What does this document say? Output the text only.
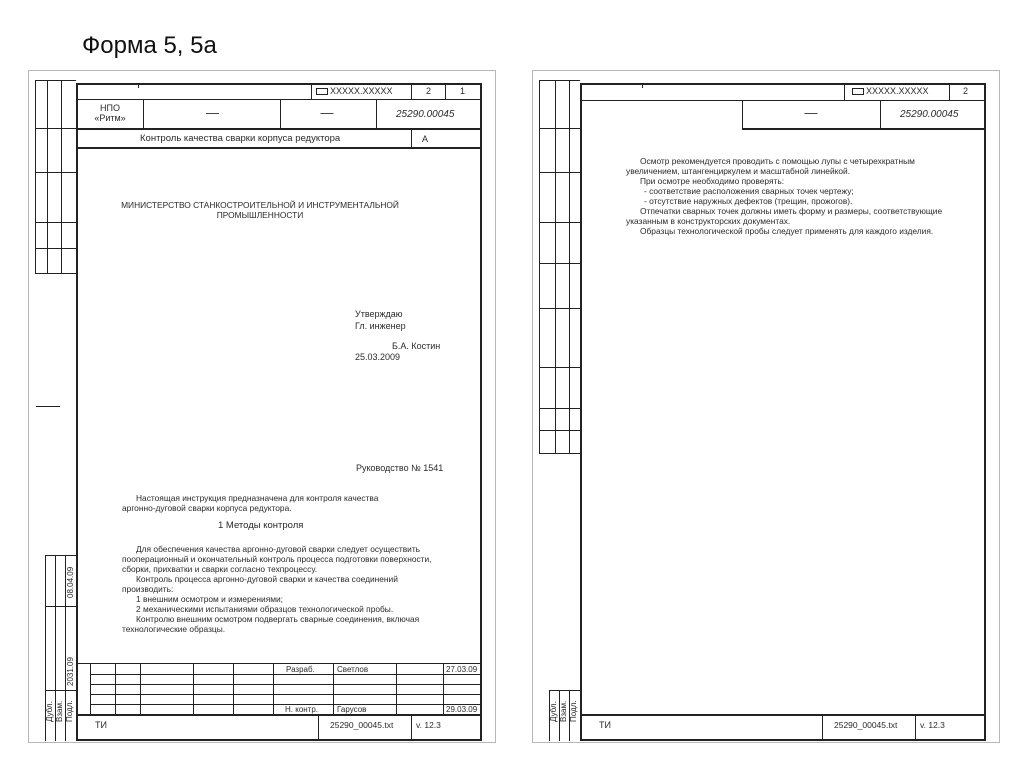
Форма 5, 5а
08.04.09
2031.09
Дубл. Взам. Подл.
XXXXX.XXXXX	2	1
НПО
«Ритм»	—	—	25290.00045
Контроль качества сварки корпуса редуктора	А
МИНИСТЕРСТВО СТАНКОСТРОИТЕЛЬНОЙ И ИНСТРУМЕНТАЛЬНОЙ
ПРОМЫШЛЕННОСТИ
Утверждаю
Гл. инженер
Б.А. Костин
25.03.2009
Руководство № 1541
Настоящая инструкция предназначена для контроля качества
аргонно-дуговой сварки корпуса редуктора.
1 Методы контроля
Для обеспечения качества аргонно-дуговой сварки следует осуществить
пооперационный и окончательный контроль процесса подготовки поверхности,
сборки, прихватки и сварки согласно техпроцессу.
Контроль процесса аргонно-дуговой сварки и качества соединений
производить:
1 внешним осмотром и измерениями;
2 механическими испытаниями образцов технологической пробы.
Контролю внешним осмотром подвергать сварные соединения, включая
технологические образцы.
Разраб.	Светлов	27.03.09
Н. контр. Гарусов	29.03.09
ТИ	25290_00045.txt	v. 12.3
Дубл. Взам. Подл.
XXXXX.XXXXX	2
—	25290.00045
Осмотр рекомендуется проводить с помощью лупы с четырехкратным
увеличением, штангенциркулем и масштабной линейкой.
При осмотре необходимо проверять:
- соответствие расположения сварных точек чертежу;
- отсутствие наружных дефектов (трещин, прожогов).
Отпечатки сварных точек должны иметь форму и размеры, соответствующие
указанным в конструкторских документах.
Образцы технологической пробы следует применять для каждого изделия.
ТИ	25290_00045.txt	v. 12.3
